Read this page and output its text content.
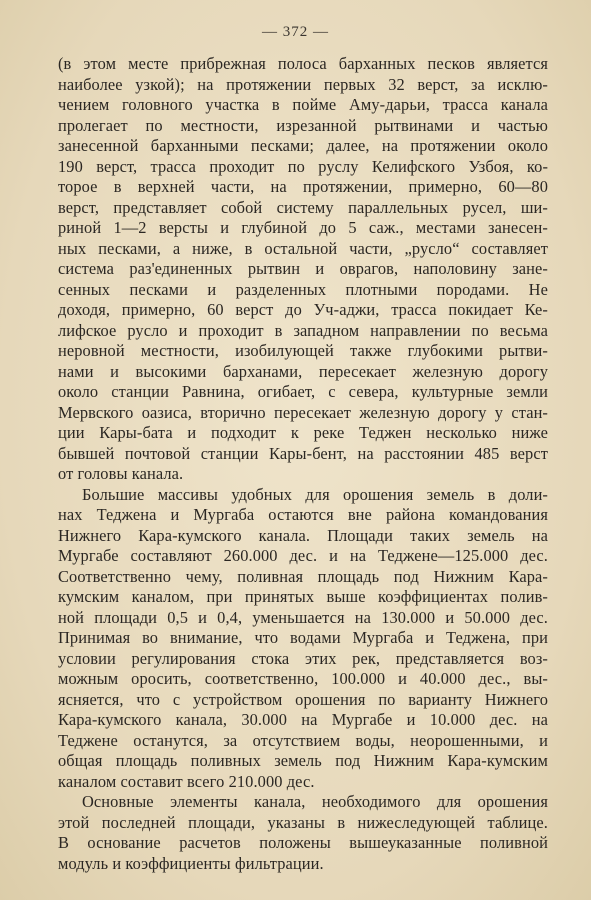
— 372 —
(в этом месте прибрежная полоса барханных песков является
наиболее узкой); на протяжении первых 32 верст, за исклю-
чением головного участка в пойме Аму-дарьи, трасса канала
пролегает по местности, изрезанной рытвинами и частью
занесенной барханными песками; далее, на протяжении около
190 верст, трасса проходит по руслу Келифского Узбоя, ко-
торое в верхней части, на протяжении, примерно, 60—80
верст, представляет собой систему параллельных русел, ши-
риной 1—2 версты и глубиной до 5 саж., местами занесен-
ных песками, а ниже, в остальной части, „русло“ составляет
система раз'единенных рытвин и оврагов, наполовину зане-
сенных песками и разделенных плотными породами. Не
доходя, примерно, 60 верст до Уч-аджи, трасса покидает Ке-
лифское русло и проходит в западном направлении по весьма
неровной местности, изобилующей также глубокими рытви-
нами и высокими барханами, пересекает железную дорогу
около станции Равнина, огибает, с севера, культурные земли
Мервского оазиса, вторично пересекает железную дорогу у стан-
ции Кары-бата и подходит к реке Теджен несколько ниже
бывшей почтовой станции Кары-бент, на расстоянии 485 верст
от головы канала.
Большие массивы удобных для орошения земель в доли-
нах Теджена и Мургаба остаются вне района командования
Нижнего Кара-кумского канала. Площади таких земель на
Мургабе составляют 260.000 дес. и на Теджене—125.000 дес.
Соответственно чему, поливная площадь под Нижним Кара-
кумским каналом, при принятых выше коэффициентах полив-
ной площади 0,5 и 0,4, уменьшается на 130.000 и 50.000 дес.
Принимая во внимание, что водами Мургаба и Теджена, при
условии регулирования стока этих рек, представляется воз-
можным оросить, соответственно, 100.000 и 40.000 дес., вы-
ясняется, что с устройством орошения по варианту Нижнего
Кара-кумского канала, 30.000 на Мургабе и 10.000 дес. на
Теджене останутся, за отсутствием воды, неорошенными, и
общая площадь поливных земель под Нижним Кара-кумским
каналом составит всего 210.000 дес.
Основные элементы канала, необходимого для орошения
этой последней площади, указаны в нижеследующей таблице.
В основание расчетов положены вышеуказанные поливной
модуль и коэффициенты фильтрации.
